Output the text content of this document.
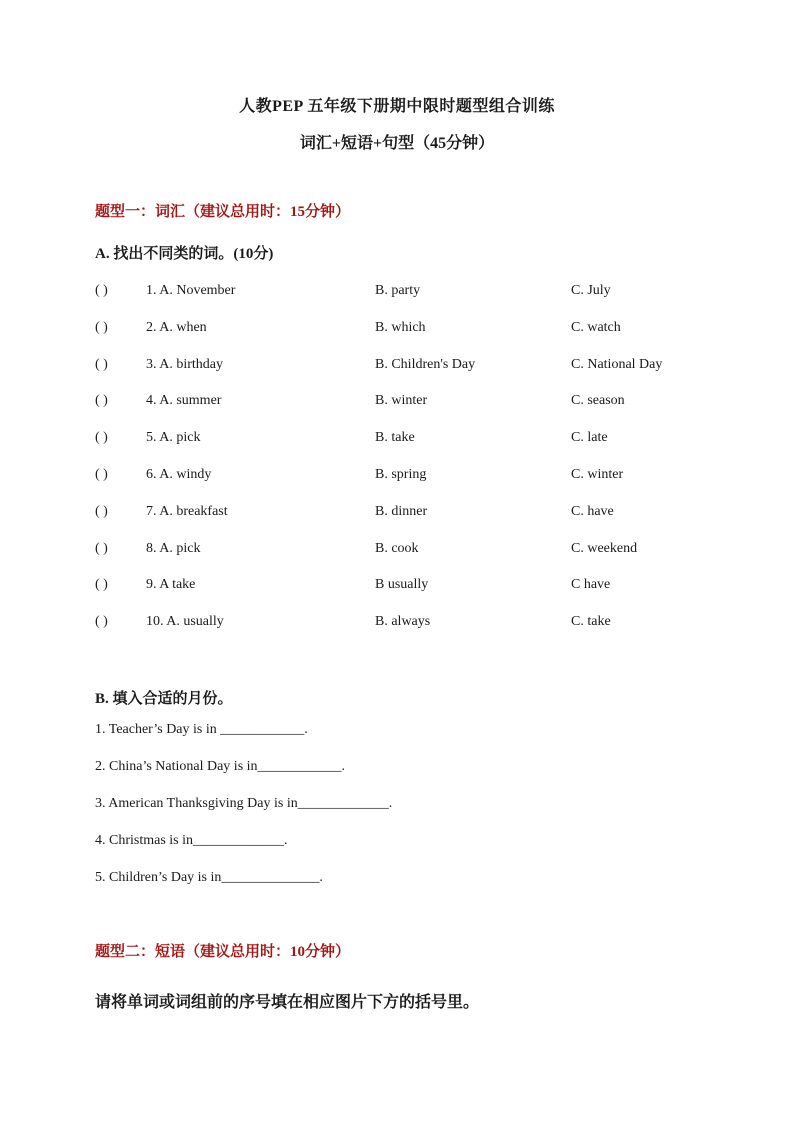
人教PEP 五年级下册期中限时题型组合训练
词汇+短语+句型（45分钟）
题型一：词汇（建议总用时：15分钟）
A. 找出不同类的词。(10分)
( )	1. A. November	B. party	C. July
( )	2. A. when	B. which	C. watch
( )	3. A. birthday	B. Children's Day	C. National Day
( )	4. A. summer	B. winter	C. season
( )	5. A. pick	B. take	C. late
( )	6. A. windy	B. spring	C. winter
( )	7. A. breakfast	B. dinner	C. have
( )	8. A. pick	B. cook	C. weekend
( )	9. A take	B usually	C have
( )	10. A. usually	B. always	C. take
B. 填入合适的月份。
1. Teacher’s Day is in ____________.
2. China’s National Day is in____________.
3. American Thanksgiving Day is in_____________.
4. Christmas is in_____________.
5. Children’s Day is in______________.
题型二：短语（建议总用时：10分钟）
请将单词或词组前的序号填在相应图片下方的括号里。
